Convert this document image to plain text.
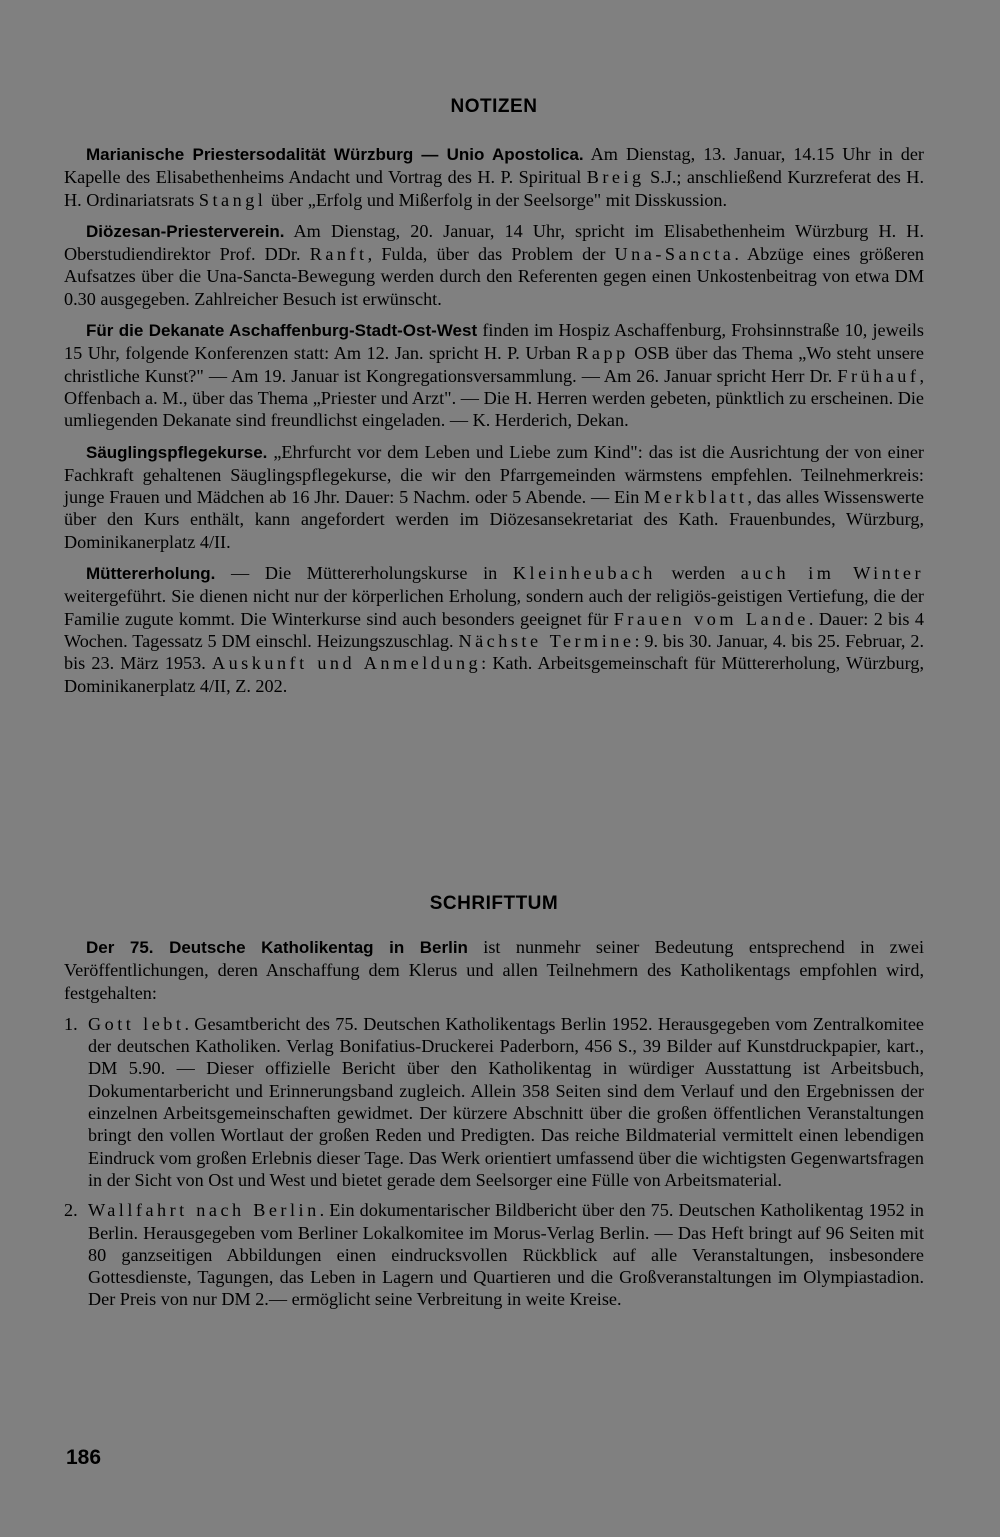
NOTIZEN

Marianische Priestersodalität Würzburg — Unio Apostolica. Am Dienstag, 13. Januar, 14.15 Uhr in der Kapelle des Elisabethenheims Andacht und Vortrag des H. P. Spiritual Breig S.J.; anschließend Kurzreferat des H. H. Ordinariatsrats Stangl über „Erfolg und Mißerfolg in der Seelsorge" mit Disskussion.

Diözesan-Priesterverein. Am Dienstag, 20. Januar, 14 Uhr, spricht im Elisabethenheim Würzburg H. H. Oberstudiendirektor Prof. DDr. Ranft, Fulda, über das Problem der Una-Sancta. Abzüge eines größeren Aufsatzes über die Una-Sancta-Bewegung werden durch den Referenten gegen einen Unkostenbeitrag von etwa DM 0.30 ausgegeben. Zahlreicher Besuch ist erwünscht.

Für die Dekanate Aschaffenburg-Stadt-Ost-West finden im Hospiz Aschaffenburg, Frohsinnstraße 10, jeweils 15 Uhr, folgende Konferenzen statt: Am 12. Jan. spricht H. P. Urban Rapp OSB über das Thema „Wo steht unsere christliche Kunst?" — Am 19. Januar ist Kongregationsversammlung. — Am 26. Januar spricht Herr Dr. Frühauf, Offenbach a. M., über das Thema „Priester und Arzt". — Die H. Herren werden gebeten, pünktlich zu erscheinen. Die umliegenden Dekanate sind freundlichst eingeladen. — K. Herderich, Dekan.

Säuglingspflegekurse. „Ehrfurcht vor dem Leben und Liebe zum Kind": das ist die Ausrichtung der von einer Fachkraft gehaltenen Säuglingspflegekurse, die wir den Pfarrgemeinden wärmstens empfehlen. Teilnehmerkreis: junge Frauen und Mädchen ab 16 Jhr. Dauer: 5 Nachm. oder 5 Abende. — Ein Merkblatt, das alles Wissenswerte über den Kurs enthält, kann angefordert werden im Diözesansekretariat des Kath. Frauenbundes, Würzburg, Dominikanerplatz 4/II.

Müttererholung. — Die Müttererholungskurse in Kleinheubach werden auch im Winter weitergeführt. Sie dienen nicht nur der körperlichen Erholung, sondern auch der religiös-geistigen Vertiefung, die der Familie zugute kommt. Die Winterkurse sind auch besonders geeignet für Frauen vom Lande. Dauer: 2 bis 4 Wochen. Tagessatz 5 DM einschl. Heizungszuschlag. Nächste Termine: 9. bis 30. Januar, 4. bis 25. Februar, 2. bis 23. März 1953. Auskunft und Anmeldung: Kath. Arbeitsgemeinschaft für Müttererholung, Würzburg, Dominikanerplatz 4/II, Z. 202.

SCHRIFTTUM

Der 75. Deutsche Katholikentag in Berlin ist nunmehr seiner Bedeutung entsprechend in zwei Veröffentlichungen, deren Anschaffung dem Klerus und allen Teilnehmern des Katholikentags empfohlen wird, festgehalten:

1. Gott lebt. Gesamtbericht des 75. Deutschen Katholikentags Berlin 1952. Herausgegeben vom Zentralkomitee der deutschen Katholiken. Verlag Bonifatius-Druckerei Paderborn, 456 S., 39 Bilder auf Kunstdruckpapier, kart., DM 5.90. — Dieser offizielle Bericht über den Katholikentag in würdiger Ausstattung ist Arbeitsbuch, Dokumentarbericht und Erinnerungsband zugleich. Allein 358 Seiten sind dem Verlauf und den Ergebnissen der einzelnen Arbeitsgemeinschaften gewidmet. Der kürzere Abschnitt über die großen öffentlichen Veranstaltungen bringt den vollen Wortlaut der großen Reden und Predigten. Das reiche Bildmaterial vermittelt einen lebendigen Eindruck vom großen Erlebnis dieser Tage. Das Werk orientiert umfassend über die wichtigsten Gegenwartsfragen in der Sicht von Ost und West und bietet gerade dem Seelsorger eine Fülle von Arbeitsmaterial.
2. Wallfahrt nach Berlin. Ein dokumentarischer Bildbericht über den 75. Deutschen Katholikentag 1952 in Berlin. Herausgegeben vom Berliner Lokalkomitee im Morus-Verlag Berlin. — Das Heft bringt auf 96 Seiten mit 80 ganzseitigen Abbildungen einen eindrucksvollen Rückblick auf alle Veranstaltungen, insbesondere Gottesdienste, Tagungen, das Leben in Lagern und Quartieren und die Großveranstaltungen im Olympiastadion. Der Preis von nur DM 2.— ermöglicht seine Verbreitung in weite Kreise.
186
